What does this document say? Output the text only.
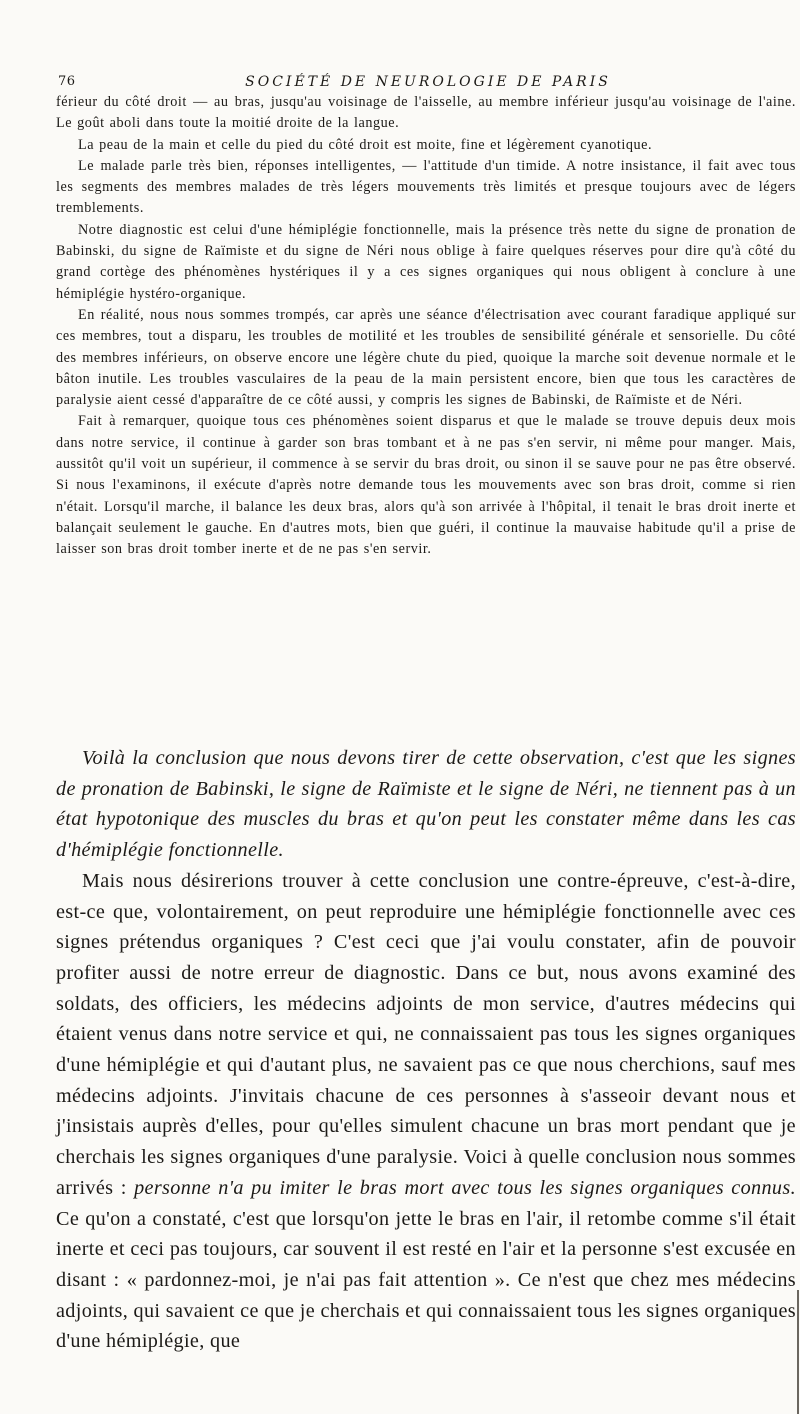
76	SOCIÉTÉ DE NEUROLOGIE DE PARIS

férieur du côté droit — au bras, jusqu'au voisinage de l'aisselle, au membre inférieur jusqu'au voisinage de l'aine. Le goût aboli dans toute la moitié droite de la langue.

La peau de la main et celle du pied du côté droit est moite, fine et légèrement cyanotique.

Le malade parle très bien, réponses intelligentes, — l'attitude d'un timide. A notre insistance, il fait avec tous les segments des membres malades de très légers mouvements très limités et presque toujours avec de légers tremblements.

Notre diagnostic est celui d'une hémiplégie fonctionnelle, mais la présence très nette du signe de pronation de Babinski, du signe de Raïmiste et du signe de Néri nous oblige à faire quelques réserves pour dire qu'à côté du grand cortège des phénomènes hystériques il y a ces signes organiques qui nous obligent à conclure à une hémiplégie hystéro-organique.

En réalité, nous nous sommes trompés, car après une séance d'électrisation avec courant faradique appliqué sur ces membres, tout a disparu, les troubles de motilité et les troubles de sensibilité générale et sensorielle. Du côté des membres inférieurs, on observe encore une légère chute du pied, quoique la marche soit devenue normale et le bâton inutile. Les troubles vasculaires de la peau de la main persistent encore, bien que tous les caractères de paralysie aient cessé d'apparaître de ce côté aussi, y compris les signes de Babinski, de Raïmiste et de Néri.

Fait à remarquer, quoique tous ces phénomènes soient disparus et que le malade se trouve depuis deux mois dans notre service, il continue à garder son bras tombant et à ne pas s'en servir, ni même pour manger. Mais, aussitôt qu'il voit un supérieur, il commence à se servir du bras droit, ou sinon il se sauve pour ne pas être observé. Si nous l'examinons, il exécute d'après notre demande tous les mouvements avec son bras droit, comme si rien n'était. Lorsqu'il marche, il balance les deux bras, alors qu'à son arrivée à l'hôpital, il tenait le bras droit inerte et balançait seulement le gauche. En d'autres mots, bien que guéri, il continue la mauvaise habitude qu'il a prise de laisser son bras droit tomber inerte et de ne pas s'en servir.

Voilà la conclusion que nous devons tirer de cette observation, c'est que les signes de pronation de Babinski, le signe de Raïmiste et le signe de Néri, ne tiennent pas à un état hypotonique des muscles du bras et qu'on peut les constater même dans les cas d'hémiplégie fonctionnelle.

Mais nous désirerions trouver à cette conclusion une contre-épreuve, c'est-à-dire, est-ce que, volontairement, on peut reproduire une hémiplégie fonctionnelle avec ces signes prétendus organiques ? C'est ceci que j'ai voulu constater, afin de pouvoir profiter aussi de notre erreur de diagnostic. Dans ce but, nous avons examiné des soldats, des officiers, les médecins adjoints de mon service, d'autres médecins qui étaient venus dans notre service et qui, ne connaissaient pas tous les signes organiques d'une hémiplégie et qui d'autant plus, ne savaient pas ce que nous cherchions, sauf mes médecins adjoints. J'invitais chacune de ces personnes à s'asseoir devant nous et j'insistais auprès d'elles, pour qu'elles simulent chacune un bras mort pendant que je cherchais les signes organiques d'une paralysie. Voici à quelle conclusion nous sommes arrivés : personne n'a pu imiter le bras mort avec tous les signes organiques connus. Ce qu'on a constaté, c'est que lorsqu'on jette le bras en l'air, il retombe comme s'il était inerte et ceci pas toujours, car souvent il est resté en l'air et la personne s'est excusée en disant : « pardonnez-moi, je n'ai pas fait attention ». Ce n'est que chez mes médecins adjoints, qui savaient ce que je cherchais et qui connaissaient tous les signes organiques d'une hémiplégie, que
